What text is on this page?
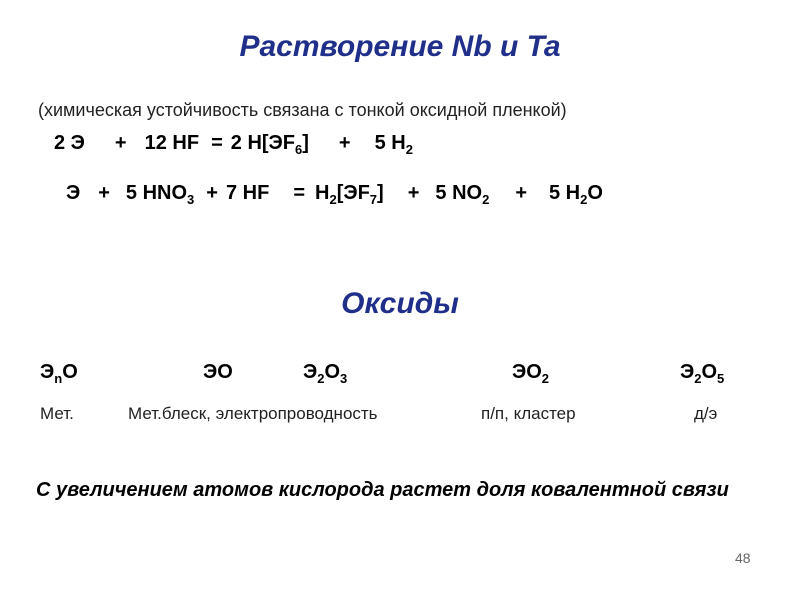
Растворение Nb и Ta
(химическая устойчивость связана с тонкой оксидной пленкой)
2 Э + 12 HF = 2 $H[ЭF_6] + 5$ $H_2$
Э + 5 $HNO_3 + 7$ HF = $H_2[ЭF_7] + 5$ $NO_2 + 5$ $H_2O$
Оксиды
$Э_nO$	ЭO	$Э_2O_3$	$ЭO_2$	$Э_2O_5$
Мет.	Мет.блеск, электропроводность	п/п, кластер	д/э
С увеличением атомов кислорода растет доля ковалентной связи
48
